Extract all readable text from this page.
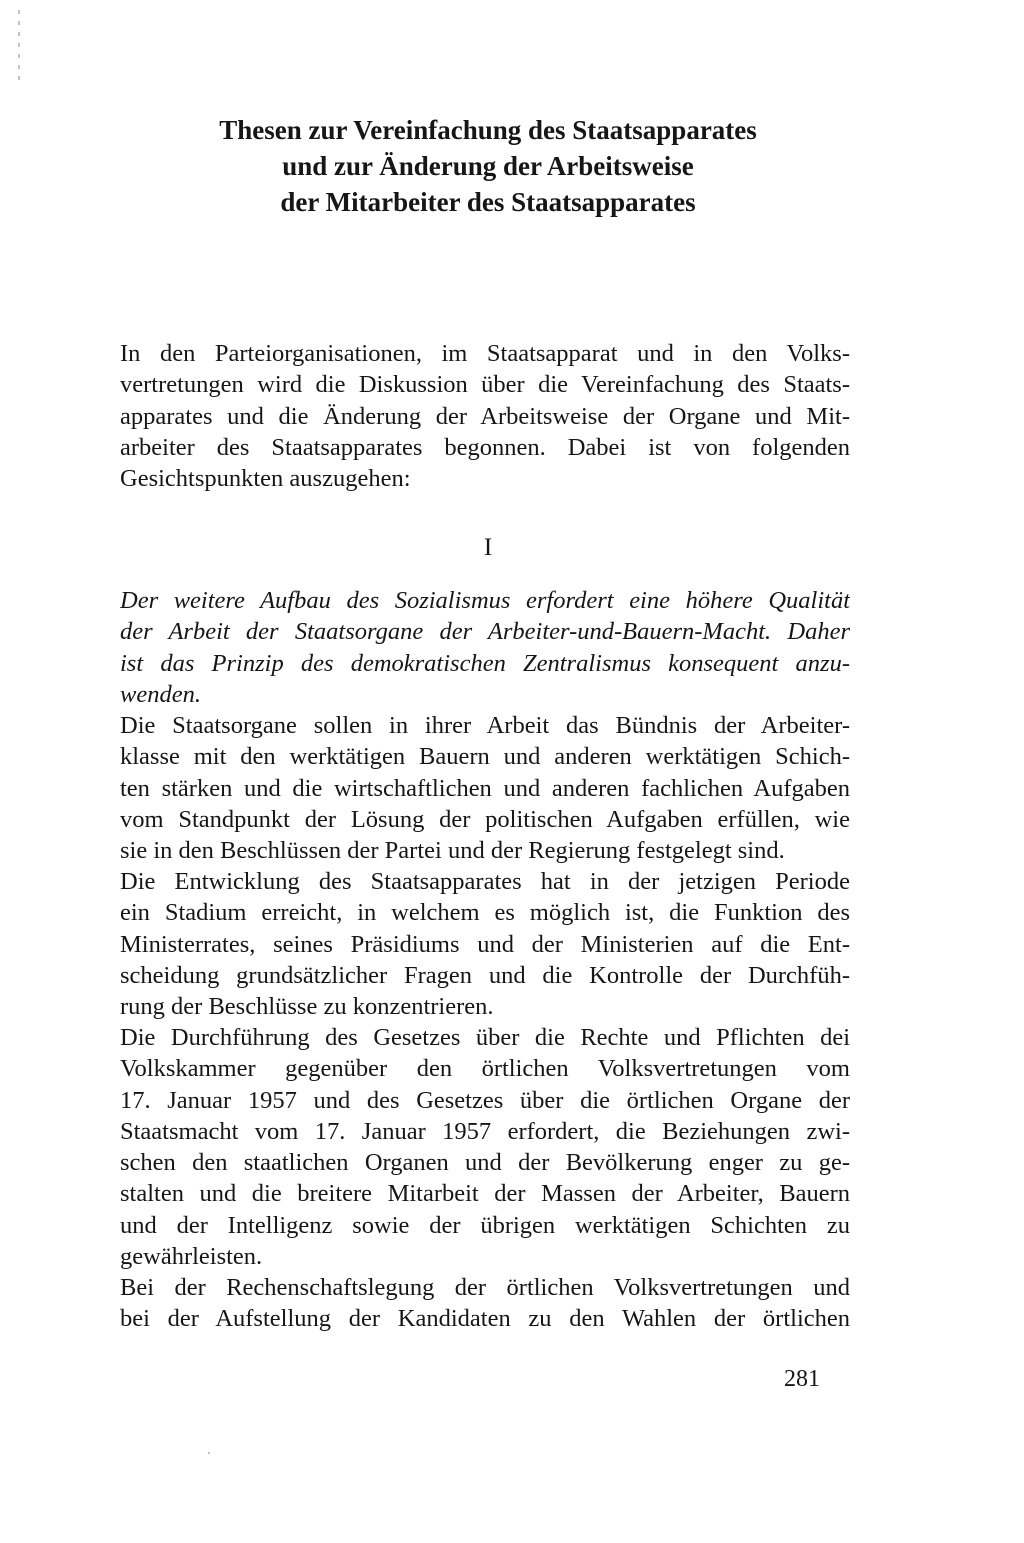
Thesen zur Vereinfachung des Staatsapparates
und zur Änderung der Arbeitsweise
der Mitarbeiter des Staatsapparates
In den Parteiorganisationen, im Staatsapparat und in den Volks-
vertretungen wird die Diskussion über die Vereinfachung des Staats-
apparates und die Änderung der Arbeitsweise der Organe und Mit-
arbeiter des Staatsapparates begonnen. Dabei ist von folgenden
Gesichtspunkten auszugehen:

I

Der weitere Aufbau des Sozialismus erfordert eine höhere Qualität
der Arbeit der Staatsorgane der Arbeiter-und-Bauern-Macht. Daher
ist das Prinzip des demokratischen Zentralismus konsequent anzu-
wenden.
Die Staatsorgane sollen in ihrer Arbeit das Bündnis der Arbeiter-
klasse mit den werktätigen Bauern und anderen werktätigen Schich-
ten stärken und die wirtschaftlichen und anderen fachlichen Aufgaben
vom Standpunkt der Lösung der politischen Aufgaben erfüllen, wie
sie in den Beschlüssen der Partei und der Regierung festgelegt sind.
Die Entwicklung des Staatsapparates hat in der jetzigen Periode
ein Stadium erreicht, in welchem es möglich ist, die Funktion des
Ministerrates, seines Präsidiums und der Ministerien auf die Ent-
scheidung grundsätzlicher Fragen und die Kontrolle der Durchfüh-
rung der Beschlüsse zu konzentrieren.
Die Durchführung des Gesetzes über die Rechte und Pflichten dei
Volkskammer gegenüber den örtlichen Volksvertretungen vom
17. Januar 1957 und des Gesetzes über die örtlichen Organe der
Staatsmacht vom 17. Januar 1957 erfordert, die Beziehungen zwi-
schen den staatlichen Organen und der Bevölkerung enger zu ge-
stalten und die breitere Mitarbeit der Massen der Arbeiter, Bauern
und der Intelligenz sowie der übrigen werktätigen Schichten zu
gewährleisten.
Bei der Rechenschaftslegung der örtlichen Volksvertretungen und
bei der Aufstellung der Kandidaten zu den Wahlen der örtlichen

281
